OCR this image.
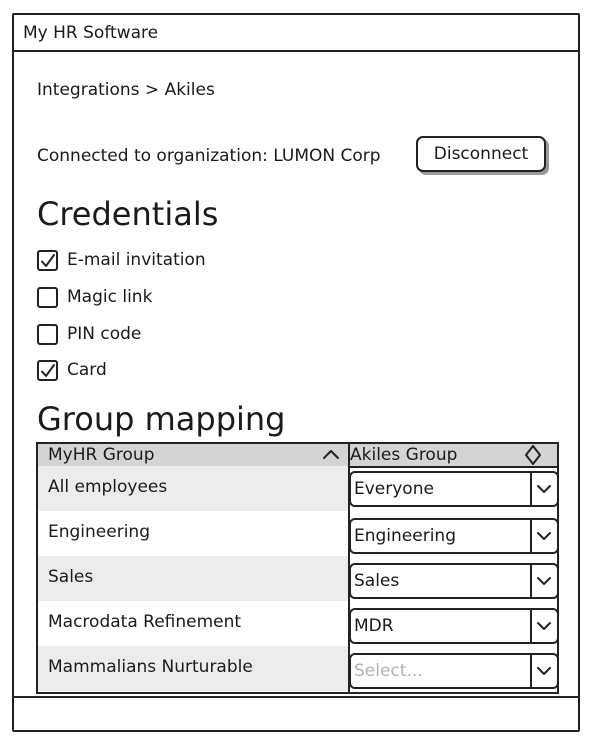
My HR Software
Integrations > Akiles
Connected to organization: LUMON Corp	Disconnect
Credentials
E-mail invitation
Magic link
PIN code
Card
Group mapping
MyHR Group	Akiles Group
All employees	Everyone
Engineering	Engineering
Sales	Sales
Macrodata Refinement	MDR
Mammalians Nurturable	Select...
